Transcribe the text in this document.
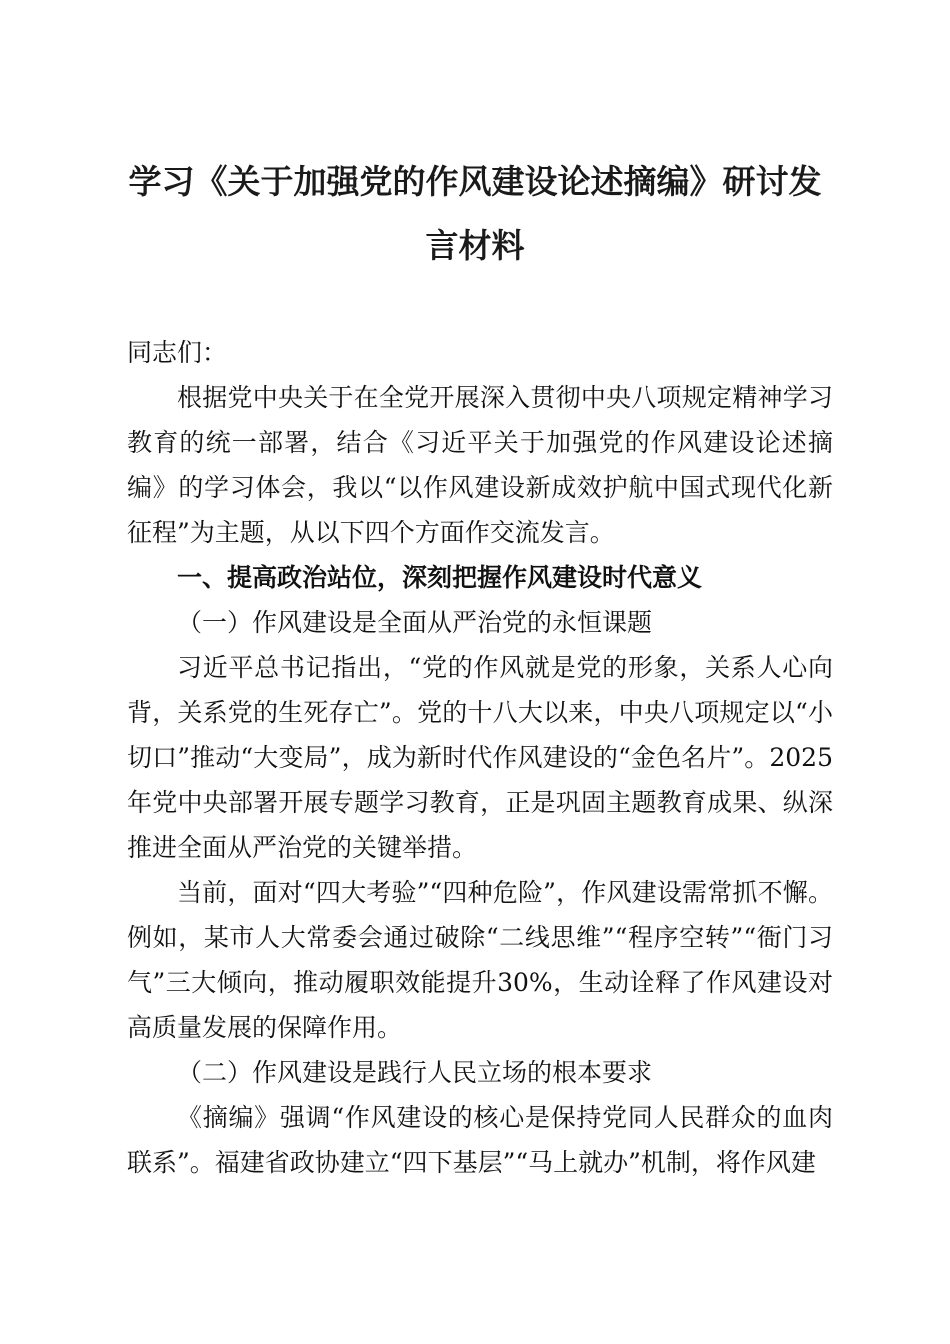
学习《关于加强党的作风建设论述摘编》研讨发言材料

同志们：

根据党中央关于在全党开展深入贯彻中央八项规定精神学习教育的统一部署，结合《习近平关于加强党的作风建设论述摘编》的学习体会，我以“以作风建设新成效护航中国式现代化新征程”为主题，从以下四个方面作交流发言。

一、提高政治站位，深刻把握作风建设时代意义

（一）作风建设是全面从严治党的永恒课题

习近平总书记指出，“党的作风就是党的形象，关系人心向背，关系党的生死存亡”。党的十八大以来，中央八项规定以“小切口”推动“大变局”，成为新时代作风建设的“金色名片”。2025年党中央部署开展专题学习教育，正是巩固主题教育成果、纵深推进全面从严治党的关键举措。

当前，面对“四大考验”“四种危险”，作风建设需常抓不懈。例如，某市人大常委会通过破除“二线思维”“程序空转”“衙门习气”三大倾向，推动履职效能提升30%，生动诠释了作风建设对高质量发展的保障作用。

（二）作风建设是践行人民立场的根本要求

《摘编》强调“作风建设的核心是保持党同人民群众的血肉联系”。福建省政协建立“四下基层”“马上就办”机制，将作风建
